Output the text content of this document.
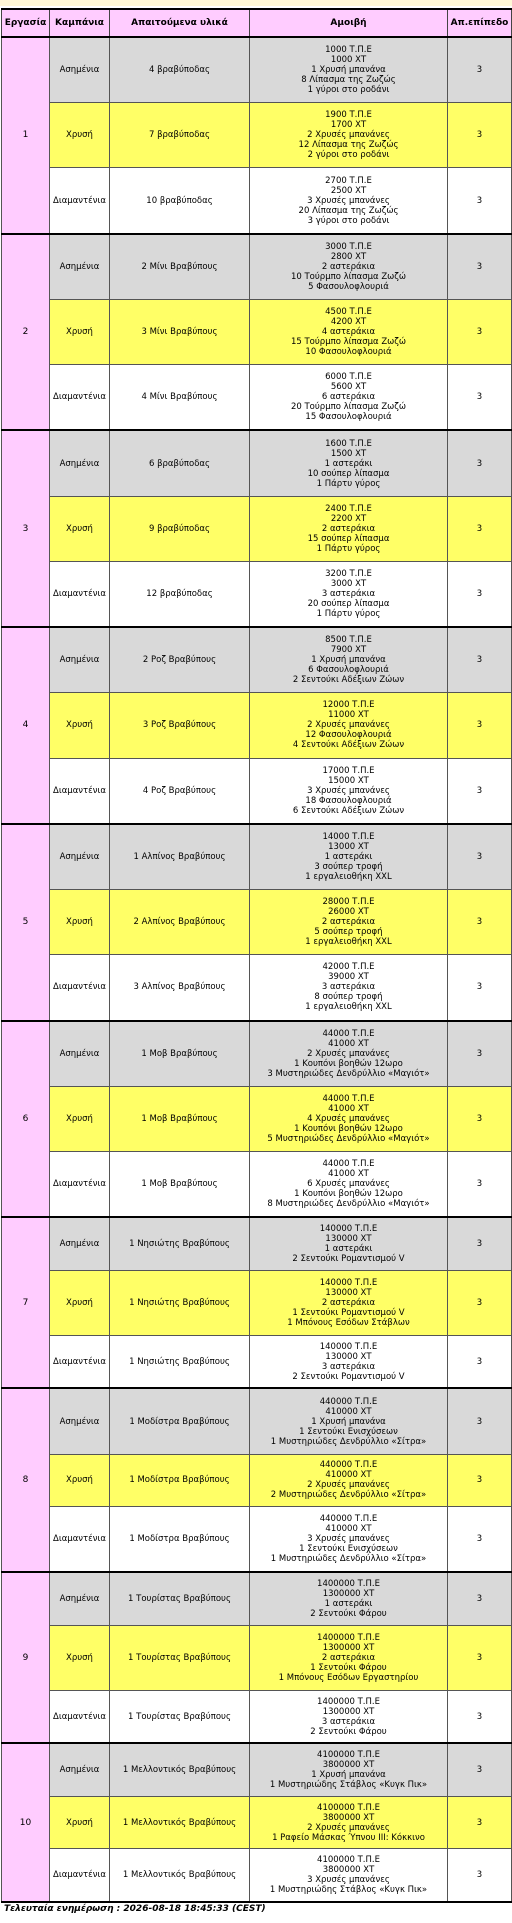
Εργασία	Καμπάνια	Απαιτούμενα υλικά	Αμοιβή	Απ.επίπεδο
1	Ασημένια	4 βραβύποδας	1000 Τ.Π.Ε
1000 ΧΤ
1 Χρυσή μπανάνα
8 Λίπασμα της Ζωζώς
1 γύροι στο ροδάνι	3
	Χρυσή	7 βραβύποδας	1900 Τ.Π.Ε
1700 ΧΤ
2 Χρυσές μπανάνες
12 Λίπασμα της Ζωζώς
2 γύροι στο ροδάνι	3
	Διαμαντένια	10 βραβύποδας	2700 Τ.Π.Ε
2500 ΧΤ
3 Χρυσές μπανάνες
20 Λίπασμα της Ζωζώς
3 γύροι στο ροδάνι	3
2	Ασημένια	2 Μίνι Βραβύπους	3000 Τ.Π.Ε
2800 ΧΤ
2 αστεράκια
10 Τούρμπο λίπασμα Ζωζώ
5 Φασουλοφλουριά	3
	Χρυσή	3 Μίνι Βραβύπους	4500 Τ.Π.Ε
4200 ΧΤ
4 αστεράκια
15 Τούρμπο λίπασμα Ζωζώ
10 Φασουλοφλουριά	3
	Διαμαντένια	4 Μίνι Βραβύπους	6000 Τ.Π.Ε
5600 ΧΤ
6 αστεράκια
20 Τούρμπο λίπασμα Ζωζώ
15 Φασουλοφλουριά	3
3	Ασημένια	6 βραβύποδας	1600 Τ.Π.Ε
1500 ΧΤ
1 αστεράκι
10 σούπερ λίπασμα
1 Πάρτυ γύρος	3
	Χρυσή	9 βραβύποδας	2400 Τ.Π.Ε
2200 ΧΤ
2 αστεράκια
15 σούπερ λίπασμα
1 Πάρτυ γύρος	3
	Διαμαντένια	12 βραβύποδας	3200 Τ.Π.Ε
3000 ΧΤ
3 αστεράκια
20 σούπερ λίπασμα
1 Πάρτυ γύρος	3
4	Ασημένια	2 Ροζ Βραβύπους	8500 Τ.Π.Ε
7900 ΧΤ
1 Χρυσή μπανάνα
6 Φασουλοφλουριά
2 Σεντούκι Αδέξιων Ζώων	3
	Χρυσή	3 Ροζ Βραβύπους	12000 Τ.Π.Ε
11000 ΧΤ
2 Χρυσές μπανάνες
12 Φασουλοφλουριά
4 Σεντούκι Αδέξιων Ζώων	3
	Διαμαντένια	4 Ροζ Βραβύπους	17000 Τ.Π.Ε
15000 ΧΤ
3 Χρυσές μπανάνες
18 Φασουλοφλουριά
6 Σεντούκι Αδέξιων Ζώων	3
5	Ασημένια	1 Αλπίνος Βραβύπους	14000 Τ.Π.Ε
13000 ΧΤ
1 αστεράκι
3 σούπερ τροφή
1 εργαλειοθήκη XXL	3
	Χρυσή	2 Αλπίνος Βραβύπους	28000 Τ.Π.Ε
26000 ΧΤ
2 αστεράκια
5 σούπερ τροφή
1 εργαλειοθήκη XXL	3
	Διαμαντένια	3 Αλπίνος Βραβύπους	42000 Τ.Π.Ε
39000 ΧΤ
3 αστεράκια
8 σούπερ τροφή
1 εργαλειοθήκη XXL	3
6	Ασημένια	1 Μοβ Βραβύπους	44000 Τ.Π.Ε
41000 ΧΤ
2 Χρυσές μπανάνες
1 Κουπόνι βοηθών 12ωρο
3 Μυστηριώδες Δενδρύλλιο «Μαγιότ»	3
	Χρυσή	1 Μοβ Βραβύπους	44000 Τ.Π.Ε
41000 ΧΤ
4 Χρυσές μπανάνες
1 Κουπόνι βοηθών 12ωρο
5 Μυστηριώδες Δενδρύλλιο «Μαγιότ»	3
	Διαμαντένια	1 Μοβ Βραβύπους	44000 Τ.Π.Ε
41000 ΧΤ
6 Χρυσές μπανάνες
1 Κουπόνι βοηθών 12ωρο
8 Μυστηριώδες Δενδρύλλιο «Μαγιότ»	3
7	Ασημένια	1 Νησιώτης Βραβύπους	140000 Τ.Π.Ε
130000 ΧΤ
1 αστεράκι
2 Σεντούκι Ρομαντισμού V	3
	Χρυσή	1 Νησιώτης Βραβύπους	140000 Τ.Π.Ε
130000 ΧΤ
2 αστεράκια
1 Σεντούκι Ρομαντισμού V
1 Μπόνους Εσόδων Στάβλων	3
	Διαμαντένια	1 Νησιώτης Βραβύπους	140000 Τ.Π.Ε
130000 ΧΤ
3 αστεράκια
2 Σεντούκι Ρομαντισμού V	3
8	Ασημένια	1 Μοδίστρα Βραβύπους	440000 Τ.Π.Ε
410000 ΧΤ
1 Χρυσή μπανάνα
1 Σεντούκι Ενισχύσεων
1 Μυστηριώδες Δενδρύλλιο «Σίτρα»	3
	Χρυσή	1 Μοδίστρα Βραβύπους	440000 Τ.Π.Ε
410000 ΧΤ
2 Χρυσές μπανάνες
2 Μυστηριώδες Δενδρύλλιο «Σίτρα»	3
	Διαμαντένια	1 Μοδίστρα Βραβύπους	440000 Τ.Π.Ε
410000 ΧΤ
3 Χρυσές μπανάνες
1 Σεντούκι Ενισχύσεων
1 Μυστηριώδες Δενδρύλλιο «Σίτρα»	3
9	Ασημένια	1 Τουρίστας Βραβύπους	1400000 Τ.Π.Ε
1300000 ΧΤ
1 αστεράκι
2 Σεντούκι Φάρου	3
	Χρυσή	1 Τουρίστας Βραβύπους	1400000 Τ.Π.Ε
1300000 ΧΤ
2 αστεράκια
1 Σεντούκι Φάρου
1 Μπόνους Εσόδων Εργαστηρίου	3
	Διαμαντένια	1 Τουρίστας Βραβύπους	1400000 Τ.Π.Ε
1300000 ΧΤ
3 αστεράκια
2 Σεντούκι Φάρου	3
10	Ασημένια	1 Μελλοντικός Βραβύπους	4100000 Τ.Π.Ε
3800000 ΧΤ
1 Χρυσή μπανάνα
1 Μυστηριώδης Στάβλος «Κυγκ Πικ»	3
	Χρυσή	1 Μελλοντικός Βραβύπους	4100000 Τ.Π.Ε
3800000 ΧΤ
2 Χρυσές μπανάνες
1 Ραφείο Μάσκας Ύπνου III: Κόκκινο	3
	Διαμαντένια	1 Μελλοντικός Βραβύπους	4100000 Τ.Π.Ε
3800000 ΧΤ
3 Χρυσές μπανάνες
1 Μυστηριώδης Στάβλος «Κυγκ Πικ»	3
Τελευταία ενημέρωση : 2026-08-18 18:45:33 (CEST)
